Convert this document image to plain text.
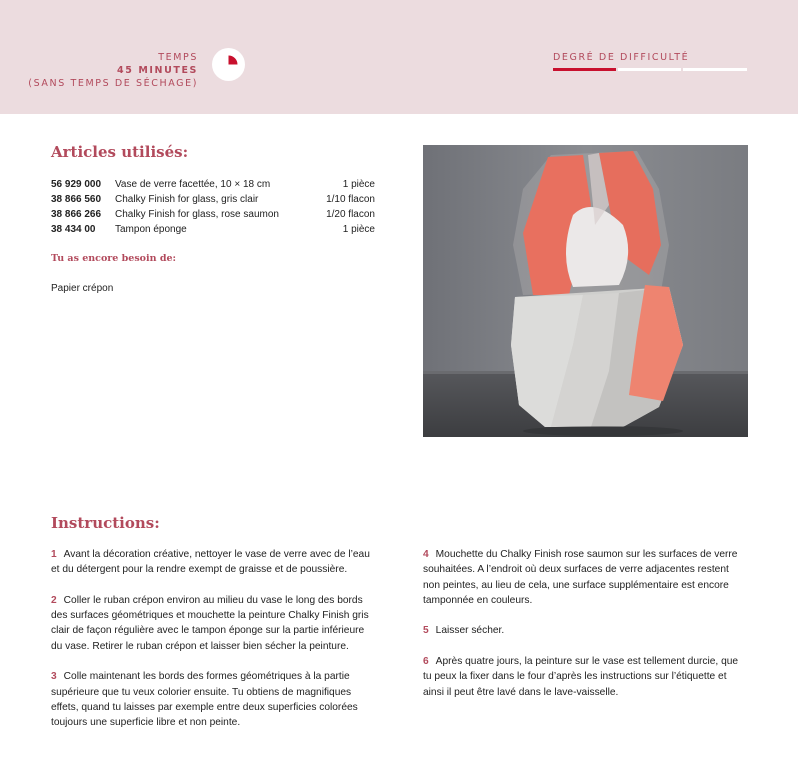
TEMPS
45 MINUTES
(SANS TEMPS DE SÉCHAGE)
DEGRÉ DE DIFFICULTÉ
Articles utilisés:
56 929 000 Vase de verre facettée, 10 × 18 cm	1 pièce
38 866 560 Chalky Finish for glass, gris clair	1/10 flacon
38 866 266 Chalky Finish for glass, rose saumon	1/20 flacon
38 434 00 Tampon éponge	1 pièce
Tu as encore besoin de:
Papier crépon
Instructions:

1 Avant la décoration créative, nettoyer le vase de verre avec de l’eau et du détergent pour la rendre exempt de graisse et de poussière.

2 Coller le ruban crépon environ au milieu du vase le long des bords des surfaces géométriques et mouchette la peinture Chalky Finish gris clair de façon régulière avec le tampon éponge sur la partie inférieure du vase. Retirer le ruban crépon et laisser bien sécher la peinture.

3 Colle maintenant les bords des formes géométriques à la partie supérieure que tu veux colorier ensuite. Tu obtiens de magnifiques effets, quand tu laisses par exemple entre deux superficies colorées toujours une superficie libre et non peinte.

4 Mouchette du Chalky Finish rose saumon sur les surfaces de verre souhaitées. A l’endroit où deux surfaces de verre adjacentes restent non peintes, au lieu de cela, une surface supplémentaire est encore tamponnée en couleurs.

5 Laisser sécher.

6 Après quatre jours, la peinture sur le vase est tellement durcie, que tu peux la fixer dans le four d’après les instructions sur l’étiquette et ainsi il peut être lavé dans le lave-vaisselle.
